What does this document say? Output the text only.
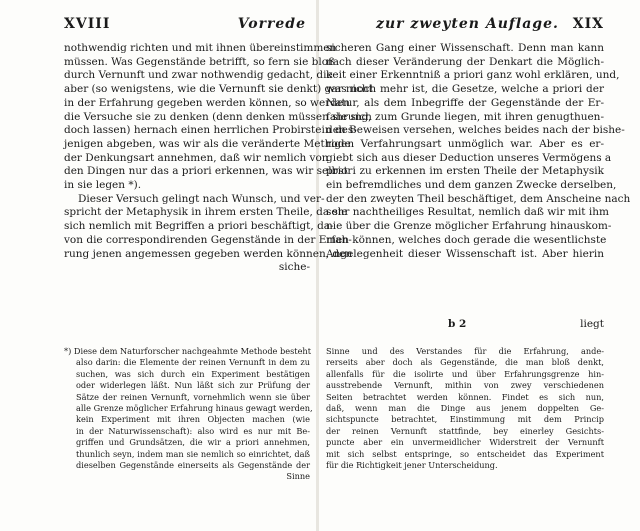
XVIII	Vorrede
nothwendig richten und mit ihnen übereinstimmen
müssen. Was Gegenstände betrifft, so fern sie bloß
durch Vernunft und zwar nothwendig gedacht, die
aber (so wenigstens, wie die Vernunft sie denkt) gar nicht
in der Erfahrung gegeben werden können, so werden
die Versuche sie zu denken (denn denken müssen sie sich
doch lassen) hernach einen herrlichen Probirstein des-
jenigen abgeben, was wir als die veränderte Methode
der Denkungsart annehmen, daß wir nemlich von
den Dingen nur das a priori erkennen, was wir selbst
in sie legen *).
Dieser Versuch gelingt nach Wunsch, und ver-
spricht der Metaphysik in ihrem ersten Theile, da sie
sich nemlich mit Begriffen a priori beschäftigt, da-
von die correspondirenden Gegenstände in der Erfah-
rung jenen angemessen gegeben werden können, den
siche-
*) Diese dem Naturforscher nachgeahmte Methode besteht
also darin: die Elemente der reinen Vernunft in dem zu
suchen, was sich durch ein Experiment bestätigen
oder widerlegen läßt. Nun läßt sich zur Prüfung der
Sätze der reinen Vernunft, vornehmlich wenn sie über
alle Grenze möglicher Erfahrung hinaus gewagt werden,
kein Experiment mit ihren Objecten machen (wie
in der Naturwissenschaft): also wird es nur mit Be-
griffen und Grundsätzen, die wir a priori annehmen,
thunlich seyn, indem man sie nemlich so einrichtet, daß
dieselben Gegenstände einerseits als Gegenstände der
Sinne
zur zweyten Auflage. XIX
sicheren Gang einer Wissenschaft. Denn man kann
nach dieser Veränderung der Denkart die Möglich-
keit einer Erkenntniß a priori ganz wohl erklären, und,
was noch mehr ist, die Gesetze, welche a priori der
Natur, als dem Inbegriffe der Gegenstände der Er-
fahrung, zum Grunde liegen, mit ihren genugthuen-
den Beweisen versehen, welches beides nach der bishe-
rigen Verfahrungsart unmöglich war. Aber es er-
giebt sich aus dieser Deduction unseres Vermögens a
priori zu erkennen im ersten Theile der Metaphysik
ein befremdliches und dem ganzen Zwecke derselben,
der den zweyten Theil beschäftiget, dem Anscheine nach
sehr nachtheiliges Resultat, nemlich daß wir mit ihm
nie über die Grenze möglicher Erfahrung hinauskom-
men können, welches doch gerade die wesentlichste
Angelegenheit dieser Wissenschaft ist. Aber hierin
Sinne und des Verstandes für die Erfahrung, ande-
rerseits aber doch als Gegenstände, die man bloß denkt,
allenfalls für die isolirte und über Erfahrungsgrenze hin-
ausstrebende Vernunft, mithin von zwey verschiedenen
Seiten betrachtet werden können. Findet es sich nun,
daß, wenn man die Dinge aus jenem doppelten Ge-
sichtspuncte betrachtet, Einstimmung mit dem Princip
der reinen Vernunft stattfinde, bey einerley Gesichts-
puncte aber ein unvermeidlicher Widerstreit der Vernunft
mit sich selbst entspringe, so entscheidet das Experiment
für die Richtigkeit jener Unterscheidung.
b 2	liegt
